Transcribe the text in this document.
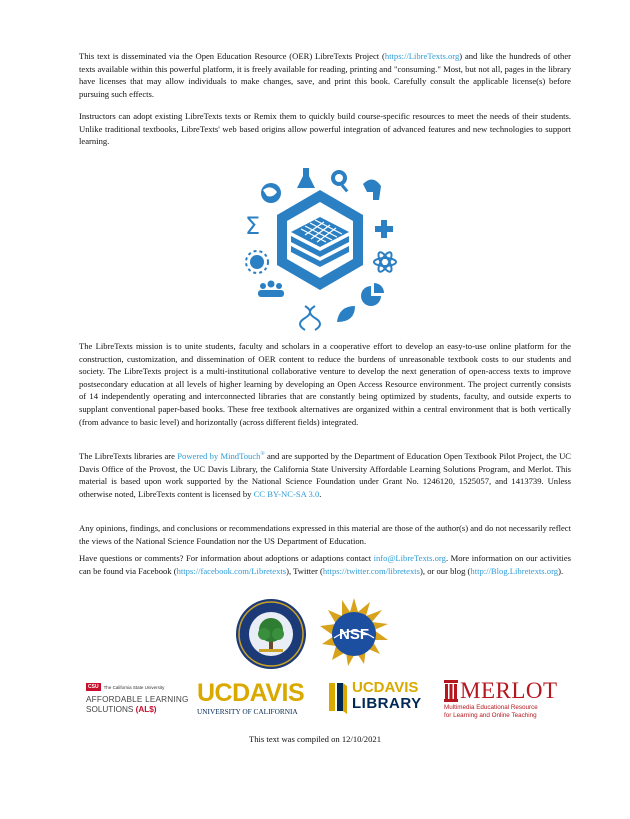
This text is disseminated via the Open Education Resource (OER) LibreTexts Project (https://LibreTexts.org) and like the hundreds of other texts available within this powerful platform, it is freely available for reading, printing and "consuming." Most, but not all, pages in the library have licenses that may allow individuals to make changes, save, and print this book. Carefully consult the applicable license(s) before pursuing such effects.

Instructors can adopt existing LibreTexts texts or Remix them to quickly build course-specific resources to meet the needs of their students. Unlike traditional textbooks, LibreTexts' web based origins allow powerful integration of advanced features and new technologies to support learning.

Σ

The LibreTexts mission is to unite students, faculty and scholars in a cooperative effort to develop an easy-to-use online platform for the construction, customization, and dissemination of OER content to reduce the burdens of unreasonable textbook costs to our students and society. The LibreTexts project is a multi-institutional collaborative venture to develop the next generation of open-access texts to improve postsecondary education at all levels of higher learning by developing an Open Access Resource environment. The project currently consists of 14 independently operating and interconnected libraries that are constantly being optimized by students, faculty, and outside experts to supplant conventional paper-based books. These free textbook alternatives are organized within a central environment that is both vertically (from advance to basic level) and horizontally (across different fields) integrated.

The LibreTexts libraries are Powered by MindTouch® and are supported by the Department of Education Open Textbook Pilot Project, the UC Davis Office of the Provost, the UC Davis Library, the California State University Affordable Learning Solutions Program, and Merlot. This material is based upon work supported by the National Science Foundation under Grant No. 1246120, 1525057, and 1413739. Unless otherwise noted, LibreTexts content is licensed by CC BY-NC-SA 3.0.

Any opinions, findings, and conclusions or recommendations expressed in this material are those of the author(s) and do not necessarily reflect the views of the National Science Foundation nor the US Department of Education.

Have questions or comments? For information about adoptions or adaptions contact info@LibreTexts.org. More information on our activities can be found via Facebook (https://facebook.com/Libretexts), Twitter (https://twitter.com/libretexts), or our blog (http://Blog.Libretexts.org).

NSF
CSU	The California State University
AFFORDABLE LEARNING
SOLUTIONS (AL$)
UCDAVIS
UNIVERSITY OF CALIFORNIA
UCDAVIS
LIBRARY
MERLOT
Multimedia Educational Resource
for Learning and Online Teaching

This text was compiled on 12/10/2021
